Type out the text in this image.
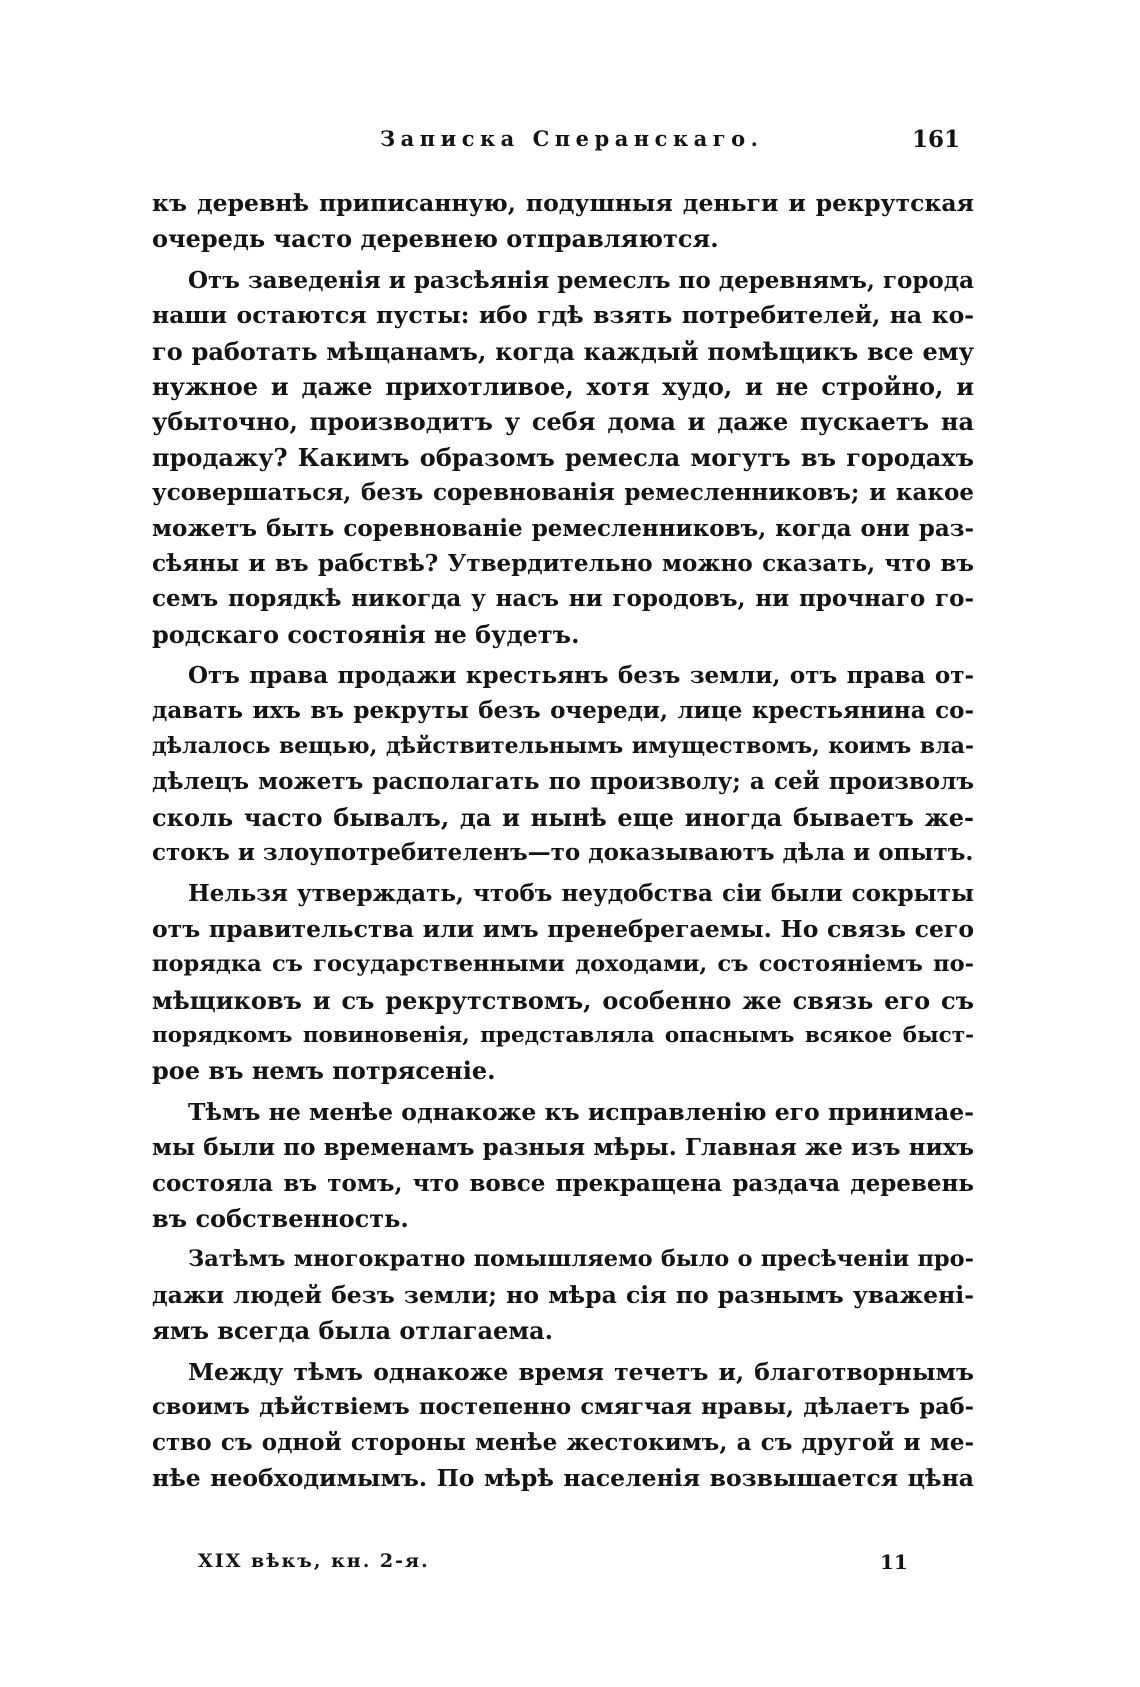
Записка Сперанскаго.	161
къ деревнѣ приписанную, подушныя деньги и рекрутская
очередь часто деревнею отправляются.
Отъ заведенія и разсѣянія ремеслъ по деревнямъ, города
наши остаются пусты: ибо гдѣ взять потребителей, на ко-
го работать мѣщанамъ, когда каждый помѣщикъ все ему
нужное и даже прихотливое, хотя худо, и не стройно, и
убыточно, производитъ у себя дома и даже пускаетъ на
продажу? Какимъ образомъ ремесла могутъ въ городахъ
усовершаться, безъ соревнованія ремесленниковъ; и какое
можетъ быть соревнованіе ремесленниковъ, когда они раз-
сѣяны и въ рабствѣ? Утвердительно можно сказать, что въ
семъ порядкѣ никогда у насъ ни городовъ, ни прочнаго го-
родскаго состоянія не будетъ.
Отъ права продажи крестьянъ безъ земли, отъ права от-
давать ихъ въ рекруты безъ очереди, лице крестьянина со-
дѣлалось вещью, дѣйствительнымъ имуществомъ, коимъ вла-
дѣлецъ можетъ располагать по произволу; а сей произволъ
сколь часто бывалъ, да и нынѣ еще иногда бываетъ же-
стокъ и злоупотребителенъ—то доказываютъ дѣла и опытъ.
Нельзя утверждать, чтобъ неудобства сіи были сокрыты
отъ правительства или имъ пренебрегаемы. Но связь сего
порядка съ государственными доходами, съ состояніемъ по-
мѣщиковъ и съ рекрутствомъ, особенно же связь его съ
порядкомъ повиновенія, представляла опаснымъ всякое быст-
рое въ немъ потрясеніе.
Тѣмъ не менѣе однакоже къ исправленію его принимае-
мы были по временамъ разныя мѣры. Главная же изъ нихъ
состояла въ томъ, что вовсе прекращена раздача деревень
въ собственность.
Затѣмъ многократно помышляемо было о пресѣченіи про-
дажи людей безъ земли; но мѣра сія по разнымъ уваженi-
ямъ всегда была отлагаема.
Между тѣмъ однакоже время течетъ и, благотворнымъ
своимъ дѣйствіемъ постепенно смягчая нравы, дѣлаетъ раб-
ство съ одной стороны менѣе жестокимъ, а съ другой и ме-
нѣе необходимымъ. По мѣрѣ населенія возвышается цѣна
XIX вѣкъ, кн. 2-я.	11
